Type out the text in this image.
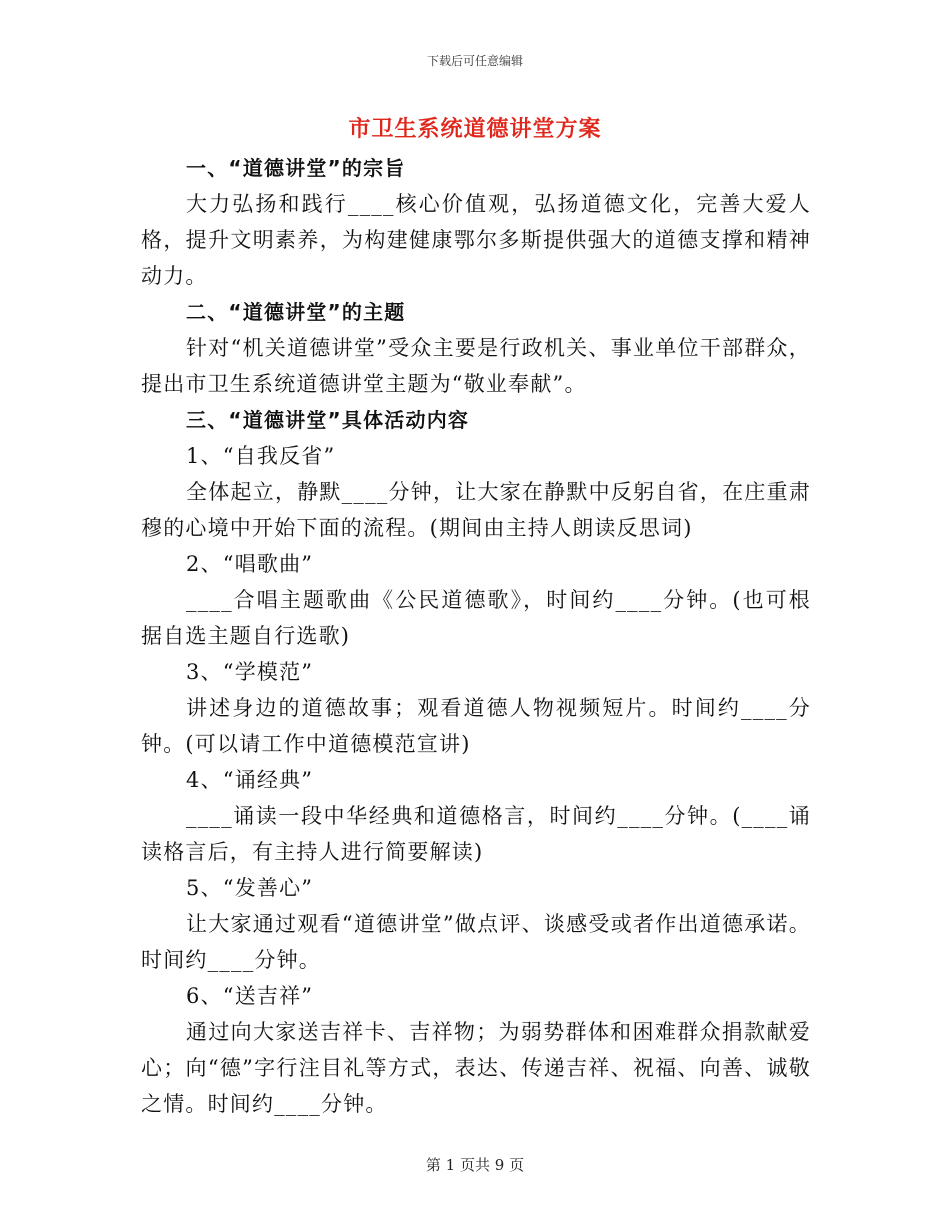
下载后可任意编辑
市卫生系统道德讲堂方案

一、“道德讲堂”的宗旨

大力弘扬和践行____核心价值观，弘扬道德文化，完善大爱人格，提升文明素养，为构建健康鄂尔多斯提供强大的道德支撑和精神动力。

二、“道德讲堂”的主题

针对“机关道德讲堂”受众主要是行政机关、事业单位干部群众，提出市卫生系统道德讲堂主题为“敬业奉献”。

三、“道德讲堂”具体活动内容

1、“自我反省”

全体起立，静默____分钟，让大家在静默中反躬自省，在庄重肃穆的心境中开始下面的流程。(期间由主持人朗读反思词)

2、“唱歌曲”

____合唱主题歌曲《公民道德歌》，时间约____分钟。(也可根据自选主题自行选歌)

3、“学模范”

讲述身边的道德故事；观看道德人物视频短片。时间约____分钟。(可以请工作中道德模范宣讲)

4、“诵经典”

____诵读一段中华经典和道德格言，时间约____分钟。(____诵读格言后，有主持人进行简要解读)

5、“发善心”

让大家通过观看“道德讲堂”做点评、谈感受或者作出道德承诺。时间约____分钟。

6、“送吉祥”

通过向大家送吉祥卡、吉祥物；为弱势群体和困难群众捐款献爱心；向“德”字行注目礼等方式，表达、传递吉祥、祝福、向善、诚敬之情。时间约____分钟。

第 1 页共 9 页
